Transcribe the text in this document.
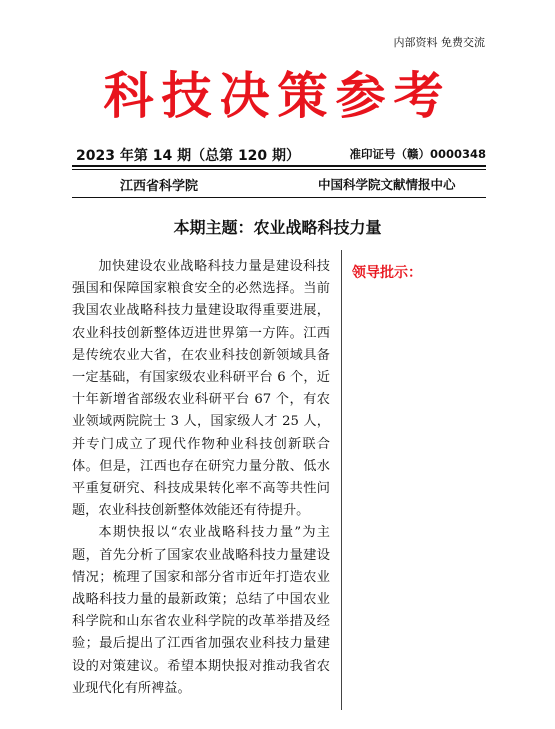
内部资料 免费交流
科技决策参考
2023 年第 14 期（总第 120 期）	准印证号（赣）0000348
江西省科学院	中国科学院文献情报中心
本期主题：农业战略科技力量

加快建设农业战略科技力量是建设科技强国和保障国家粮食安全的必然选择。当前我国农业战略科技力量建设取得重要进展，农业科技创新整体迈进世界第一方阵。江西是传统农业大省，在农业科技创新领域具备一定基础，有国家级农业科研平台 6 个，近十年新增省部级农业科研平台 67 个，有农业领域两院院士 3 人，国家级人才 25 人，并专门成立了现代作物种业科技创新联合体。但是，江西也存在研究力量分散、低水平重复研究、科技成果转化率不高等共性问题，农业科技创新整体效能还有待提升。

本期快报以“农业战略科技力量”为主题，首先分析了国家农业战略科技力量建设情况；梳理了国家和部分省市近年打造农业战略科技力量的最新政策；总结了中国农业科学院和山东省农业科学院的改革举措及经验；最后提出了江西省加强农业科技力量建设的对策建议。希望本期快报对推动我省农业现代化有所裨益。

领导批示：
